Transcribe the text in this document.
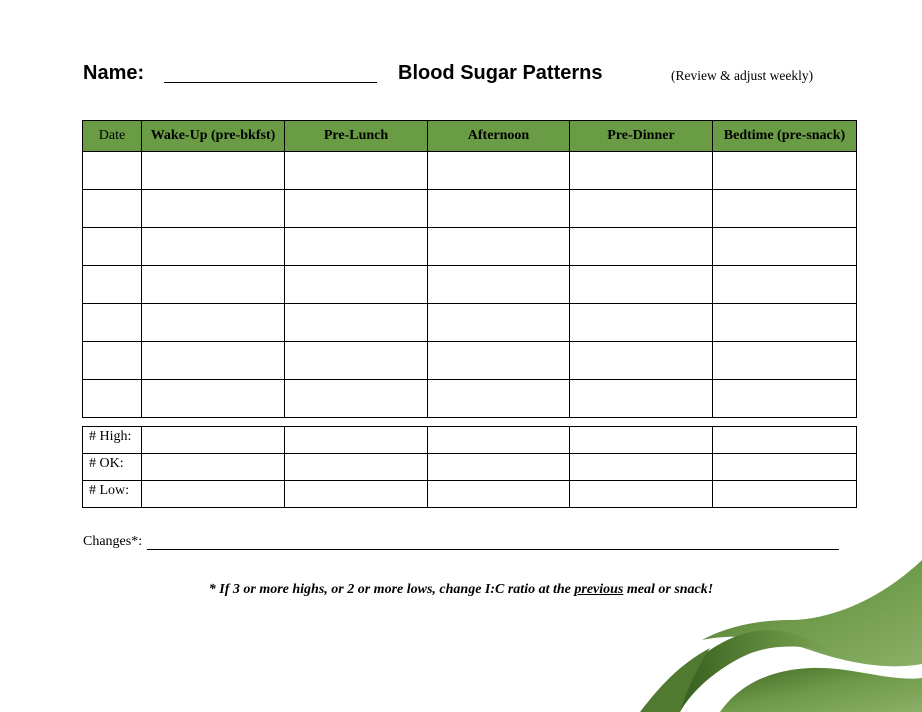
Name:	Blood Sugar Patterns	(Review & adjust weekly)
Date	Wake-Up (pre-bkfst)	Pre-Lunch	Afternoon	Pre-Dinner	Bedtime (pre-snack)

# High:					
# OK:					
# Low:					
Changes*:
* If 3 or more highs, or 2 or more lows, change I:C ratio at the previous meal or snack!
